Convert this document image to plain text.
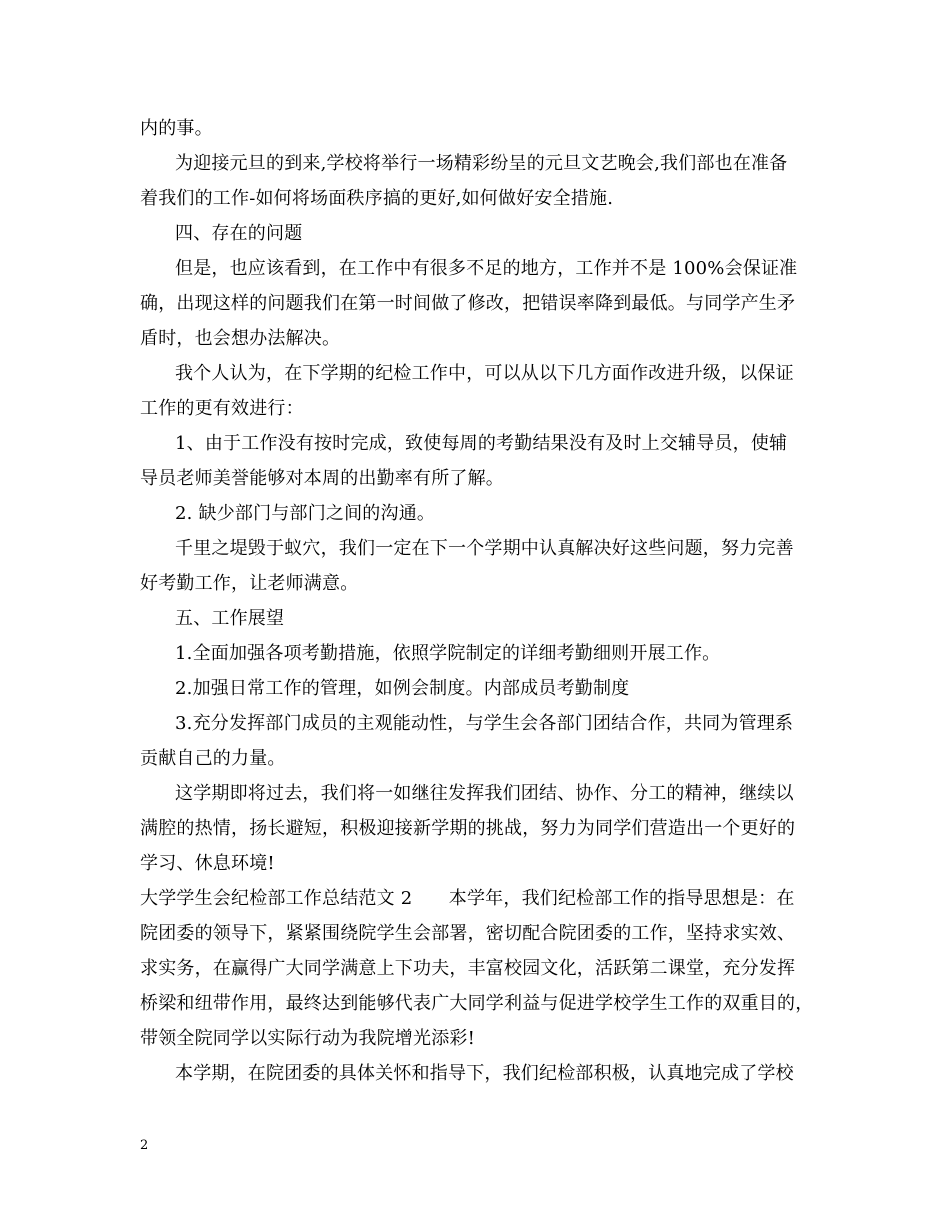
内的事。
为迎接元旦的到来,学校将举行一场精彩纷呈的元旦文艺晚会,我们部也在准备
着我们的工作-如何将场面秩序搞的更好,如何做好安全措施.
四、存在的问题
但是，也应该看到，在工作中有很多不足的地方，工作并不是 100%会保证准
确，出现这样的问题我们在第一时间做了修改，把错误率降到最低。与同学产生矛
盾时，也会想办法解决。
我个人认为，在下学期的纪检工作中，可以从以下几方面作改进升级，以保证
工作的更有效进行：
1、由于工作没有按时完成，致使每周的考勤结果没有及时上交辅导员，使辅
导员老师美誉能够对本周的出勤率有所了解。
2. 缺少部门与部门之间的沟通。
千里之堤毁于蚁穴，我们一定在下一个学期中认真解决好这些问题，努力完善
好考勤工作，让老师满意。
五、工作展望
1.全面加强各项考勤措施，依照学院制定的详细考勤细则开展工作。
2.加强日常工作的管理，如例会制度。内部成员考勤制度
3.充分发挥部门成员的主观能动性，与学生会各部门团结合作，共同为管理系
贡献自己的力量。
这学期即将过去，我们将一如继往发挥我们团结、协作、分工的精神，继续以
满腔的热情，扬长避短，积极迎接新学期的挑战，努力为同学们营造出一个更好的
学习、休息环境!
大学学生会纪检部工作总结范文 2　　本学年，我们纪检部工作的指导思想是：在
院团委的领导下，紧紧围绕院学生会部署，密切配合院团委的工作，坚持求实效、
求实务，在赢得广大同学满意上下功夫，丰富校园文化，活跃第二课堂，充分发挥
桥梁和纽带作用，最终达到能够代表广大同学利益与促进学校学生工作的双重目的，
带领全院同学以实际行动为我院增光添彩!
本学期，在院团委的具体关怀和指导下，我们纪检部积极，认真地完成了学校
2
